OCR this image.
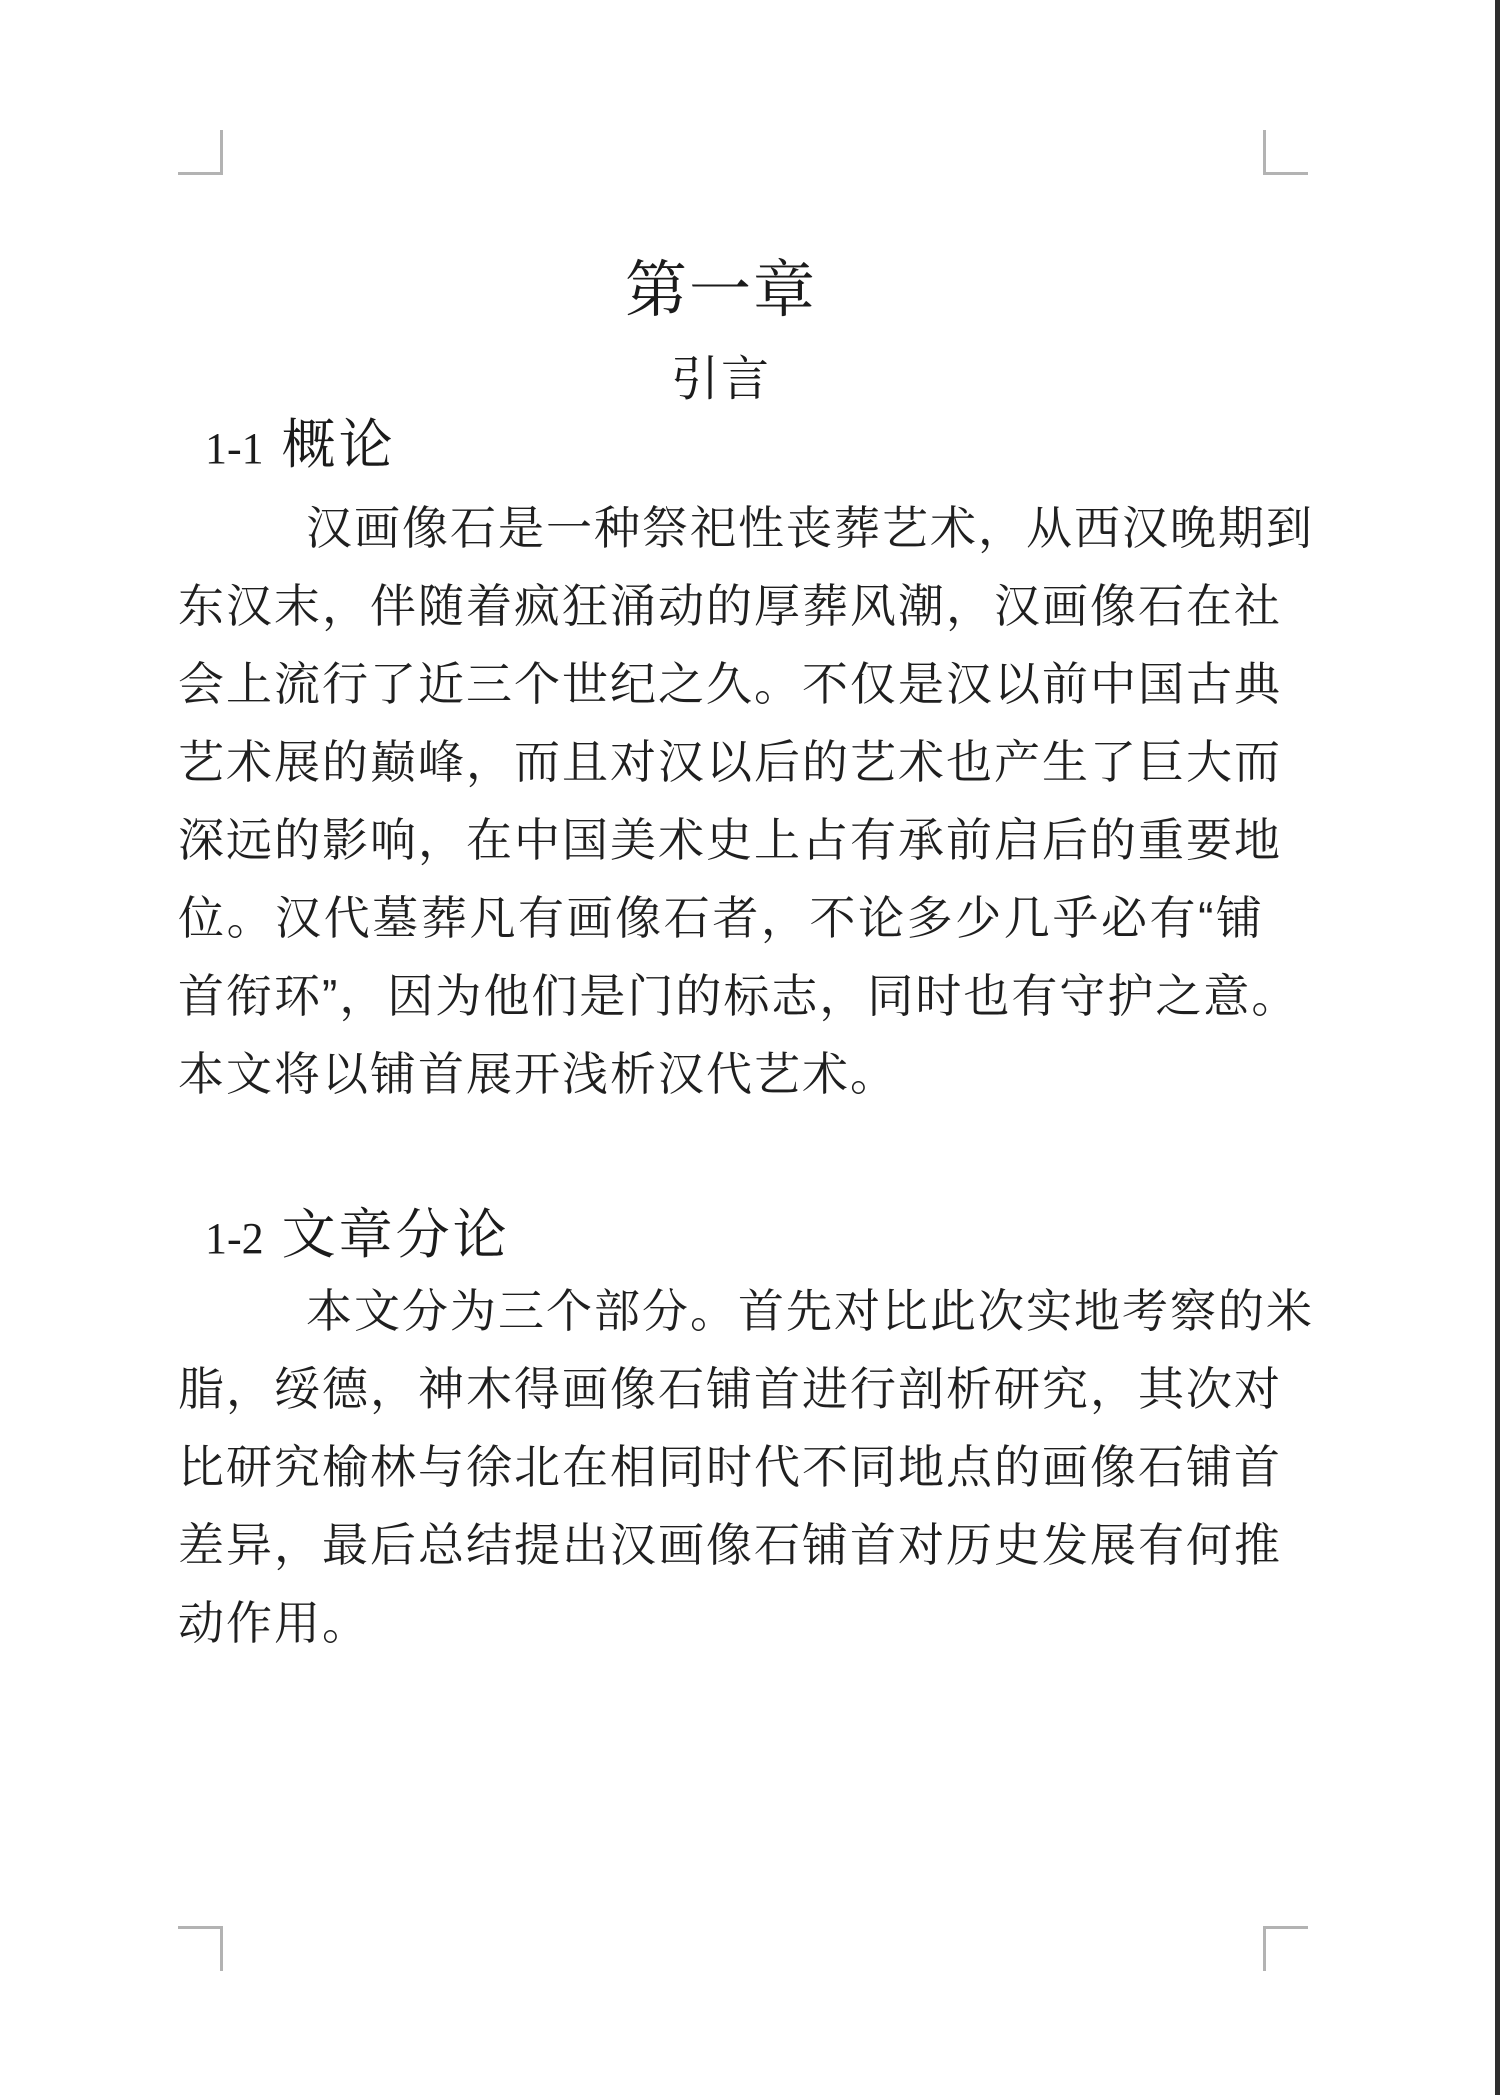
第一章
引言
1-1 概论
汉画像石是一种祭祀性丧葬艺术，从西汉晚期到
东汉末，伴随着疯狂涌动的厚葬风潮，汉画像石在社
会上流行了近三个世纪之久。不仅是汉以前中国古典
艺术展的巅峰，而且对汉以后的艺术也产生了巨大而
深远的影响，在中国美术史上占有承前启后的重要地
位。汉代墓葬凡有画像石者，不论多少几乎必有“铺
首衔环”，因为他们是门的标志，同时也有守护之意。
本文将以铺首展开浅析汉代艺术。
1-2 文章分论
本文分为三个部分。首先对比此次实地考察的米
脂，绥德，神木得画像石铺首进行剖析研究，其次对
比研究榆林与徐北在相同时代不同地点的画像石铺首
差异，最后总结提出汉画像石铺首对历史发展有何推
动作用。
